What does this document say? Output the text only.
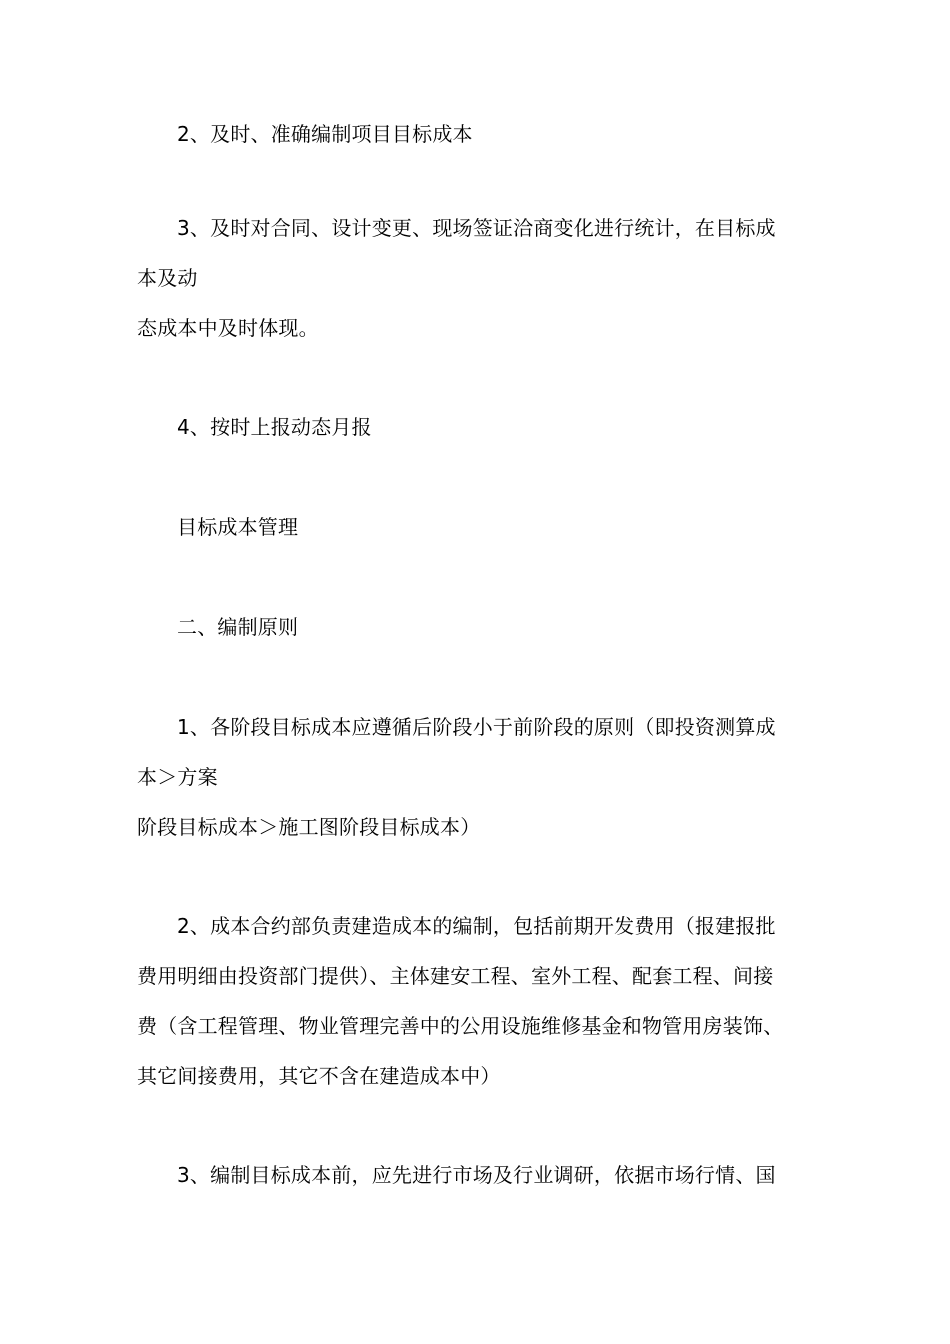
2、及时、准确编制项目目标成本
3、及时对合同、设计变更、现场签证洽商变化进行统计，在目标成
本及动
态成本中及时体现。
4、按时上报动态月报
目标成本管理
二、编制原则
1、各阶段目标成本应遵循后阶段小于前阶段的原则（即投资测算成
本＞方案
阶段目标成本＞施工图阶段目标成本）
2、成本合约部负责建造成本的编制，包括前期开发费用（报建报批
费用明细由投资部门提供）、主体建安工程、室外工程、配套工程、间接
费（含工程管理、物业管理完善中的公用设施维修基金和物管用房装饰、
其它间接费用，其它不含在建造成本中）
3、编制目标成本前，应先进行市场及行业调研，依据市场行情、国
